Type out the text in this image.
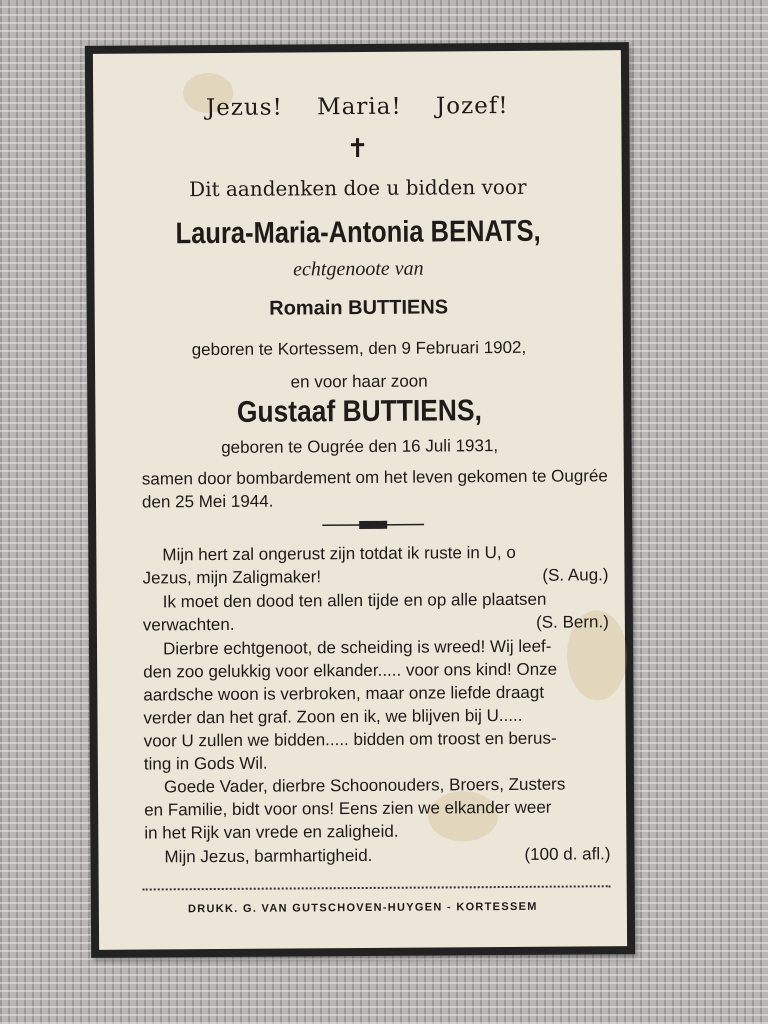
Jezus! Maria! Jozef!
✝
Dit aandenken doe u bidden voor
Laura-Maria-Antonia BENATS,
echtgenoote van
Romain BUTTIENS
geboren te Kortessem, den 9 Februari 1902,
en voor haar zoon
Gustaaf BUTTIENS,
geboren te Ougrée den 16 Juli 1931,
samen door bombardement om het leven gekomen te Ougrée den 25 Mei 1944.
Mijn hert zal ongerust zijn totdat ik ruste in U, o
Jezus, mijn Zaligmaker!	(S. Aug.)
Ik moet den dood ten allen tijde en op alle plaatsen
verwachten.	(S. Bern.)
Dierbre echtgenoot, de scheiding is wreed! Wij leef-
den zoo gelukkig voor elkander..... voor ons kind! Onze
aardsche woon is verbroken, maar onze liefde draagt
verder dan het graf. Zoon en ik, we blijven bij U.....
voor U zullen we bidden..... bidden om troost en berus-
ting in Gods Wil.
Goede Vader, dierbre Schoonouders, Broers, Zusters
en Familie, bidt voor ons! Eens zien we elkander weer
in het Rijk van vrede en zaligheid.
Mijn Jezus, barmhartigheid.	(100 d. afl.)
DRUKK. G. VAN GUTSCHOVEN-HUYGEN - KORTESSEM
